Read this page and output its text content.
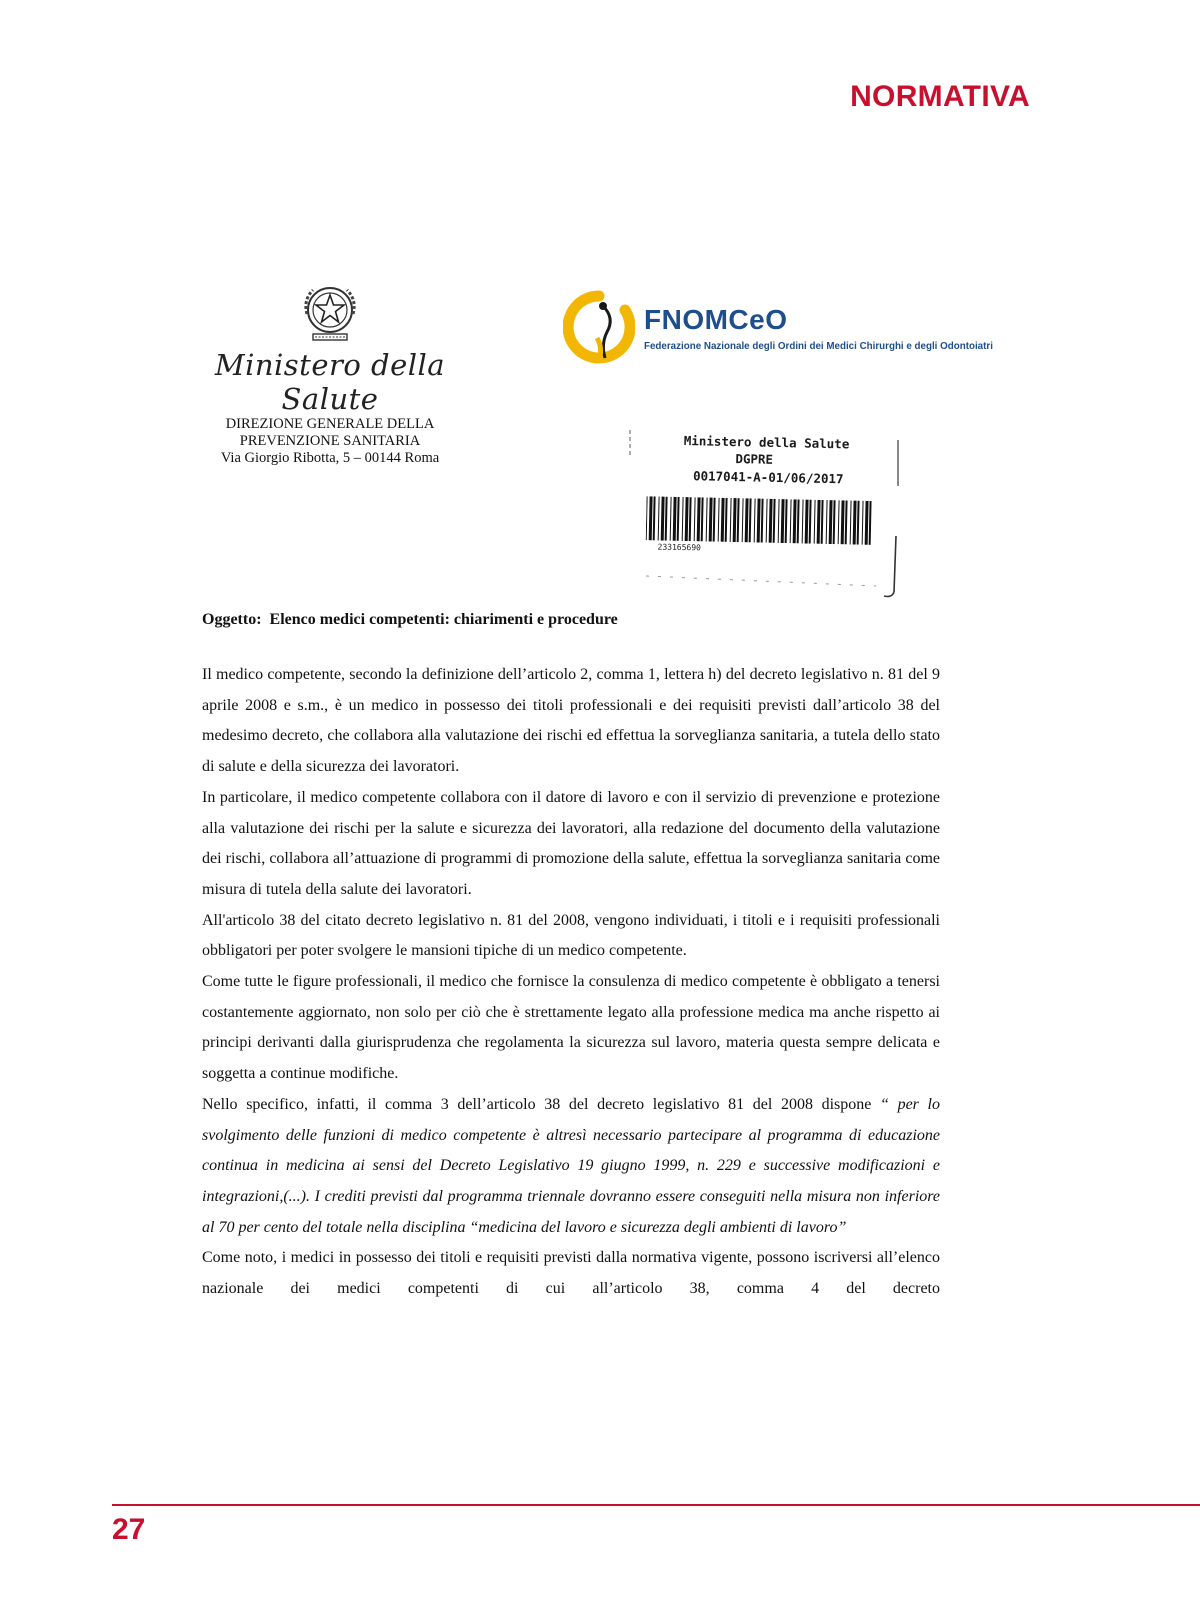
NORMATIVA
Ministero della Salute
DIREZIONE GENERALE DELLA
PREVENZIONE SANITARIA
Via Giorgio Ribotta, 5 – 00144 Roma
FNOMCeO
Federazione Nazionale degli Ordini dei Medici Chirurghi e degli Odontoiatri
Ministero della Salute
DGPRE
0017041-A-01/06/2017
233165690
Oggetto: Elenco medici competenti: chiarimenti e procedure

Il medico competente, secondo la definizione dell’articolo 2, comma 1, lettera h) del decreto legislativo n. 81 del 9 aprile 2008 e s.m., è un medico in possesso dei titoli professionali e dei requisiti previsti dall’articolo 38 del medesimo decreto, che collabora alla valutazione dei rischi ed effettua la sorveglianza sanitaria, a tutela dello stato di salute e della sicurezza dei lavoratori.

In particolare, il medico competente collabora con il datore di lavoro e con il servizio di prevenzione e protezione alla valutazione dei rischi per la salute e sicurezza dei lavoratori, alla redazione del documento della valutazione dei rischi, collabora all’attuazione di programmi di promozione della salute, effettua la sorveglianza sanitaria come misura di tutela della salute dei lavoratori.

All'articolo 38 del citato decreto legislativo n. 81 del 2008, vengono individuati, i titoli e i requisiti professionali obbligatori per poter svolgere le mansioni tipiche di un medico competente.

Come tutte le figure professionali, il medico che fornisce la consulenza di medico competente è obbligato a tenersi costantemente aggiornato, non solo per ciò che è strettamente legato alla professione medica ma anche rispetto ai principi derivanti dalla giurisprudenza che regolamenta la sicurezza sul lavoro, materia questa sempre delicata e soggetta a continue modifiche.

Nello specifico, infatti, il comma 3 dell’articolo 38 del decreto legislativo 81 del 2008 dispone “ per lo svolgimento delle funzioni di medico competente è altresì necessario partecipare al programma di educazione continua in medicina ai sensi del Decreto Legislativo 19 giugno 1999, n. 229 e successive modificazioni e integrazioni,(...). I crediti previsti dal programma triennale dovranno essere conseguiti nella misura non inferiore al 70 per cento del totale nella disciplina “medicina del lavoro e sicurezza degli ambienti di lavoro”

Come noto, i medici in possesso dei titoli e requisiti previsti dalla normativa vigente, possono iscriversi all’elenco nazionale dei medici competenti di cui all’articolo 38, comma 4 del decreto

27
